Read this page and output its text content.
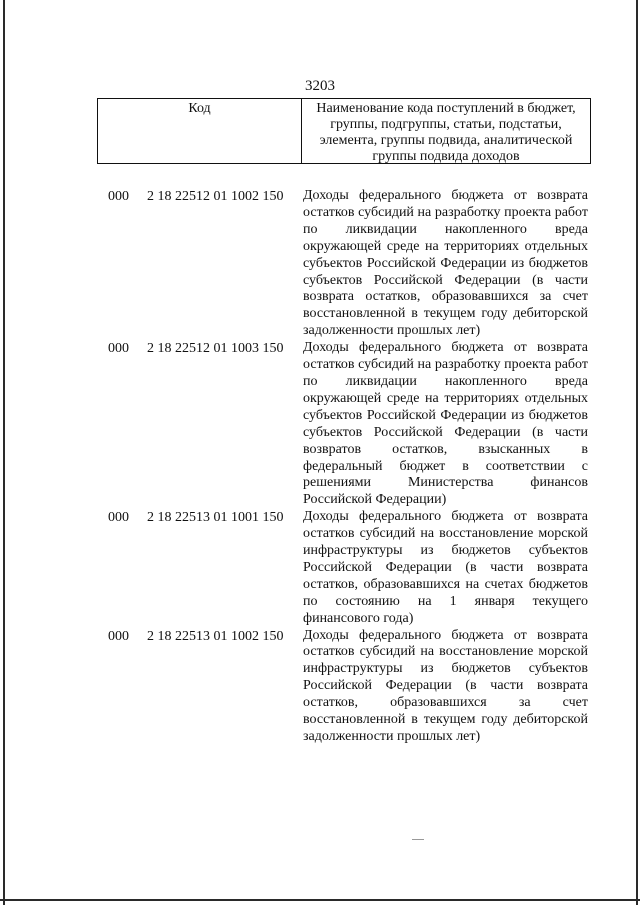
3203
Код	Наименование кода поступлений в бюджет, группы, подгруппы, статьи, подстатьи, элемента, группы подвида, аналитической группы подвида доходов
000 2 18 22512 01 1002 150 Доходы федерального бюджета от возврата остатков субсидий на разработку проекта работ по ликвидации накопленного вреда окружающей среде на территориях отдельных субъектов Российской Федерации из бюджетов субъектов Российской Федерации (в части возврата остатков, образовавшихся за счет восстановленной в текущем году дебиторской задолженности прошлых лет)
000 2 18 22512 01 1003 150 Доходы федерального бюджета от возврата остатков субсидий на разработку проекта работ по ликвидации накопленного вреда окружающей среде на территориях отдельных субъектов Российской Федерации из бюджетов субъектов Российской Федерации (в части возвратов остатков, взысканных в федеральный бюджет в соответствии с решениями Министерства финансов Российской Федерации)
000 2 18 22513 01 1001 150 Доходы федерального бюджета от возврата остатков субсидий на восстановление морской инфраструктуры из бюджетов субъектов Российской Федерации (в части возврата остатков, образовавшихся на счетах бюджетов по состоянию на 1 января текущего финансового года)
000 2 18 22513 01 1002 150 Доходы федерального бюджета от возврата остатков субсидий на восстановление морской инфраструктуры из бюджетов субъектов Российской Федерации (в части возврата остатков, образовавшихся за счет восстановленной в текущем году дебиторской задолженности прошлых лет)
